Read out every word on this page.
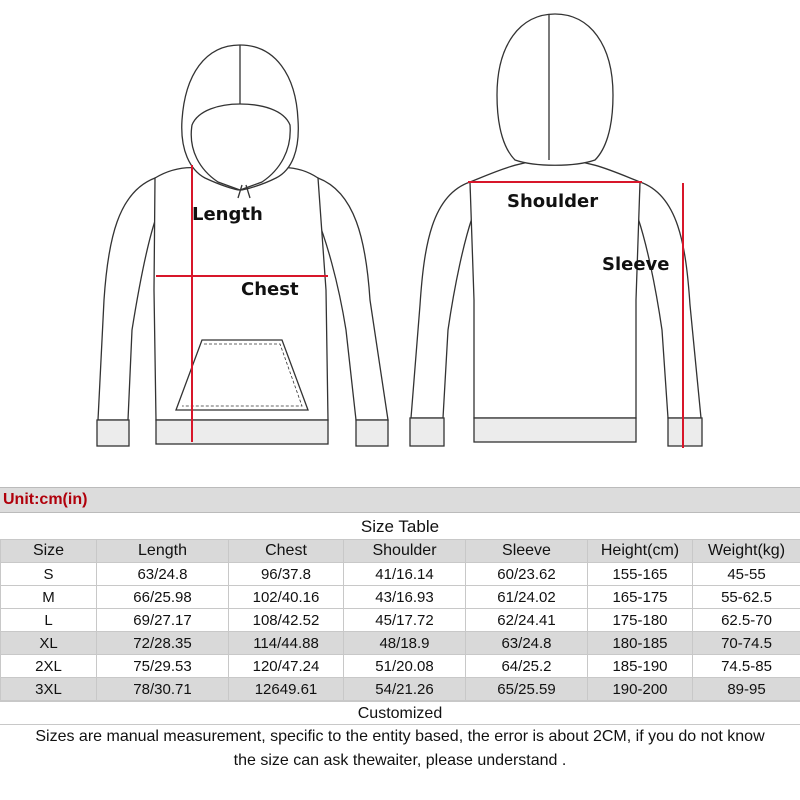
Length
Chest
Shoulder
Sleeve
Unit:cm(in)
Size Table
Size	Length	Chest	Shoulder	Sleeve	Height(cm)	Weight(kg)
S	63/24.8	96/37.8	41/16.14	60/23.62	155-165	45-55
M	66/25.98	102/40.16	43/16.93	61/24.02	165-175	55-62.5
L	69/27.17	108/42.52	45/17.72	62/24.41	175-180	62.5-70
XL	72/28.35	114/44.88	48/18.9	63/24.8	180-185	70-74.5
2XL	75/29.53	120/47.24	51/20.08	64/25.2	185-190	74.5-85
3XL	78/30.71	12649.61	54/21.26	65/25.59	190-200	89-95
Customized
Sizes are manual measurement, specific to the entity based, the error is about 2CM, if you do not know
the size can ask thewaiter, please understand .
